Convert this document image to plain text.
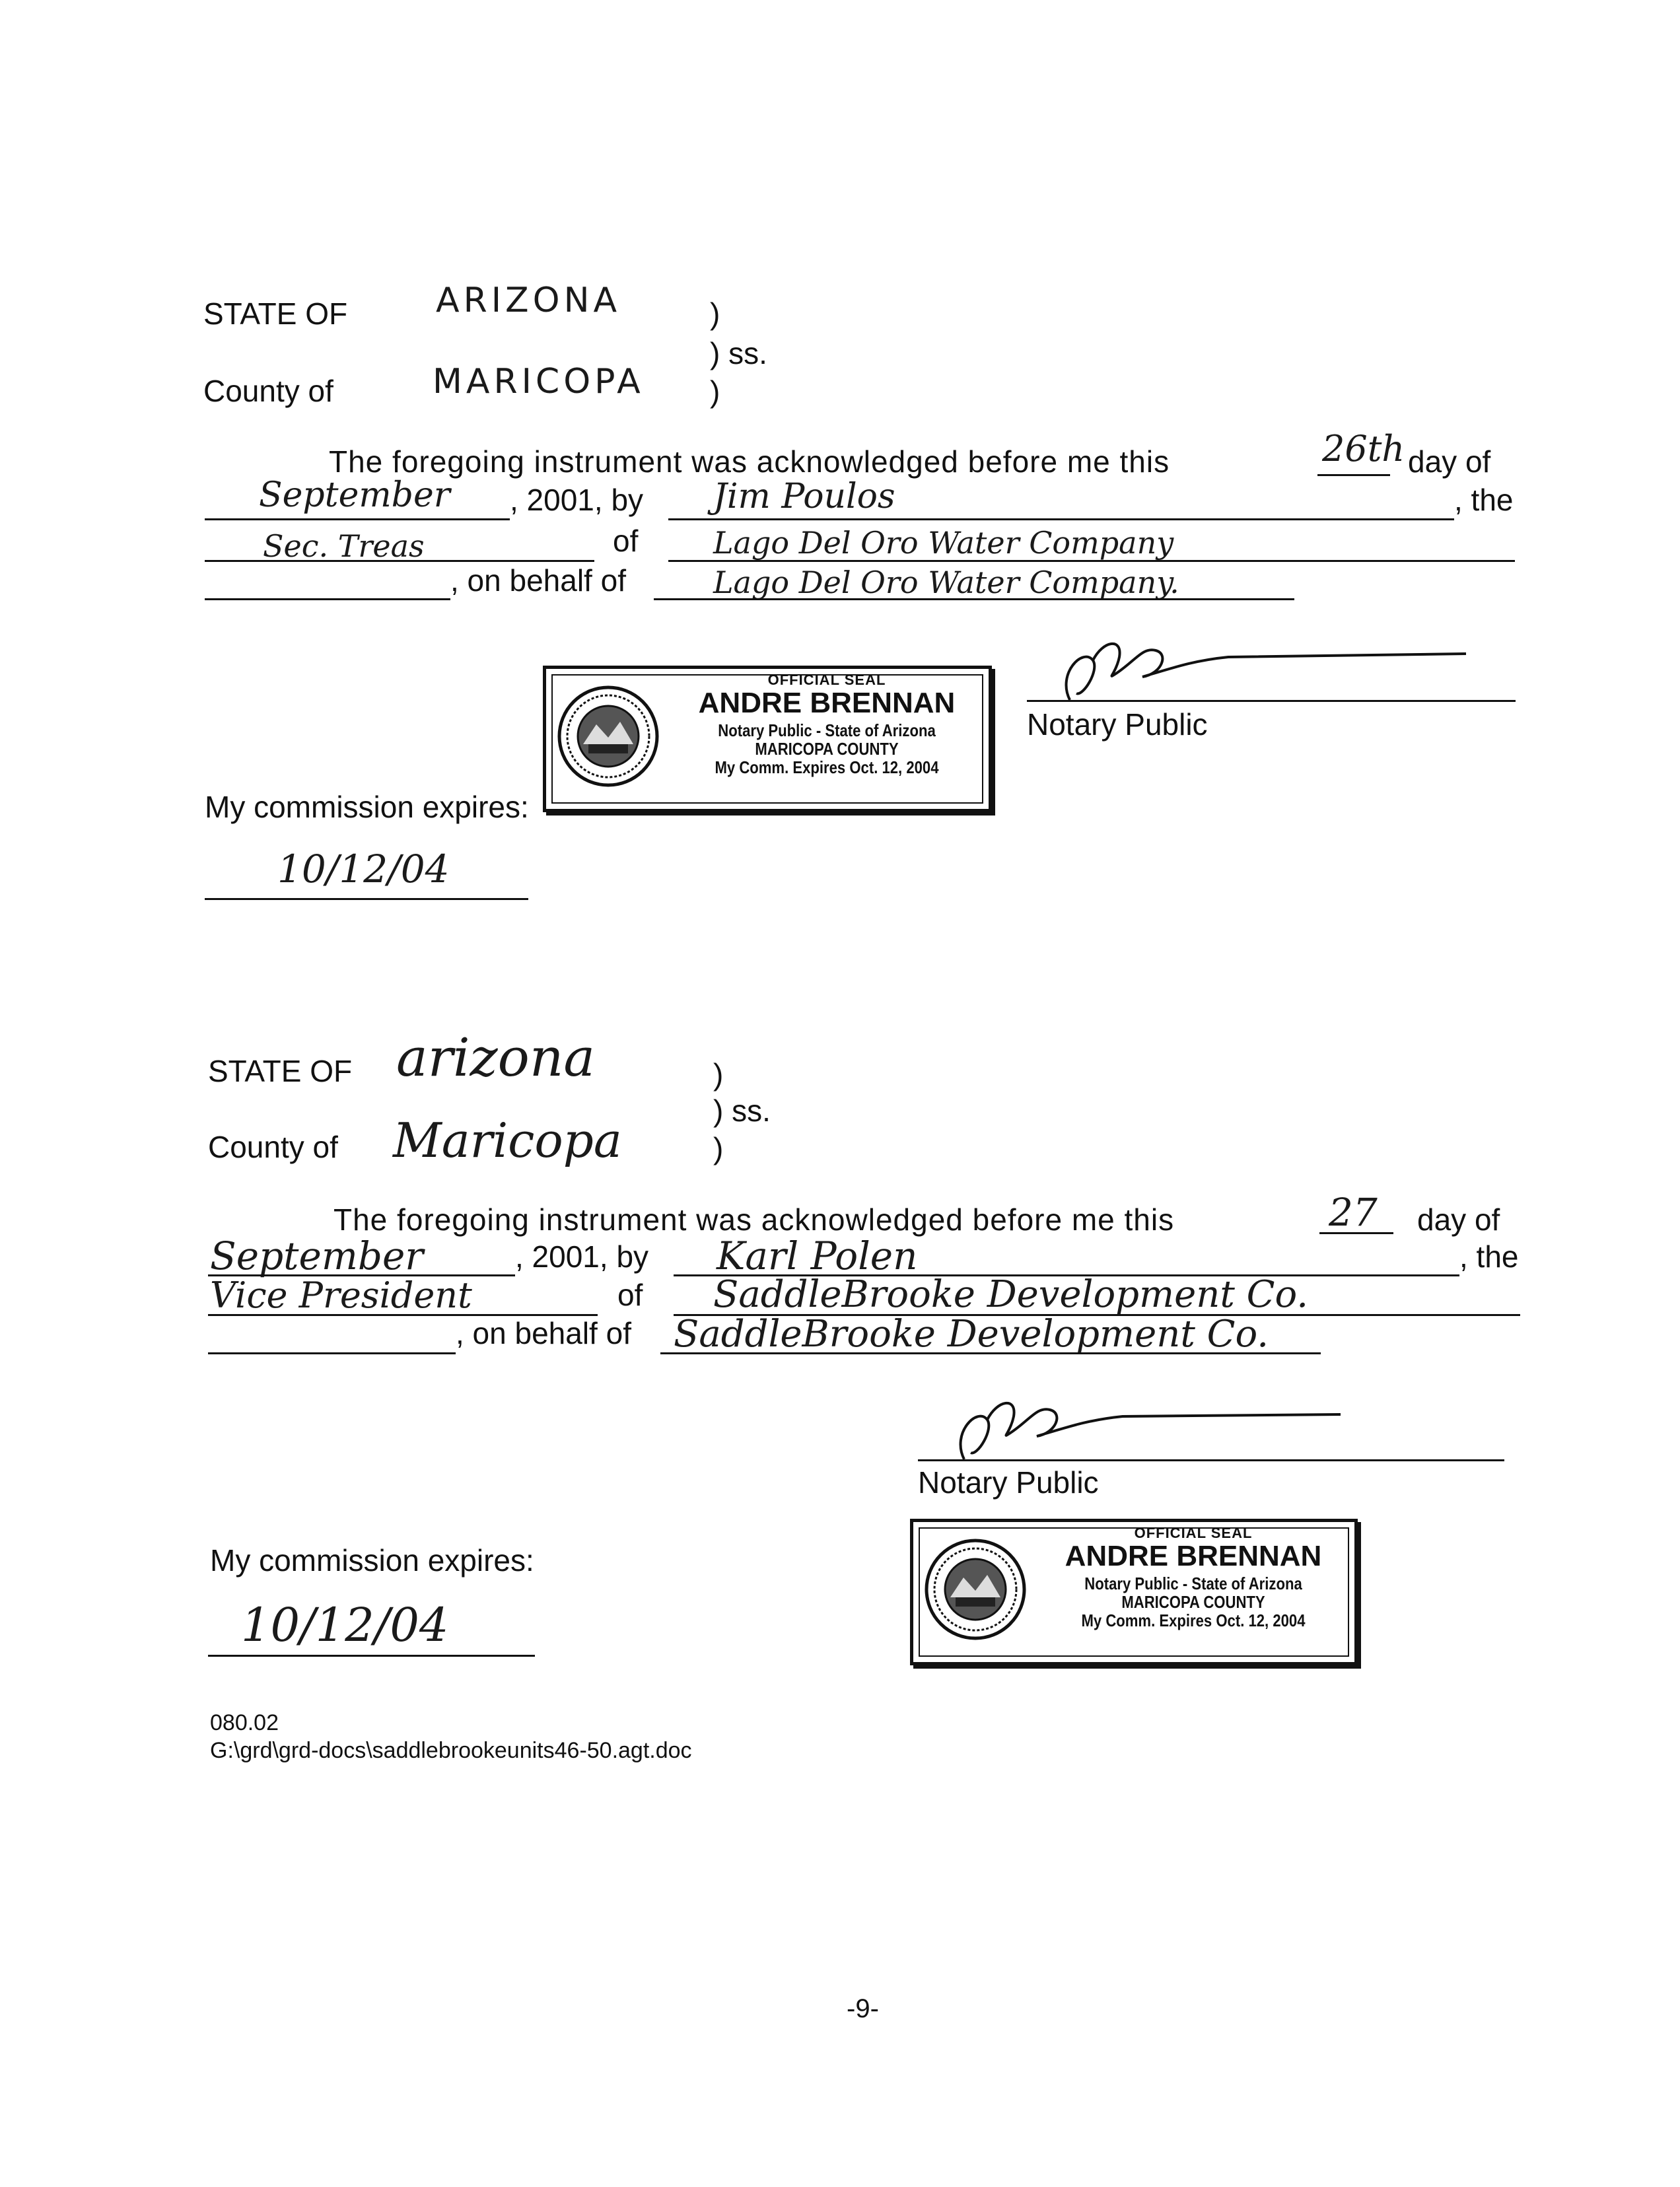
STATE OF	ARIZONA	)
) ss.
)
County of	MARICOPA
The foregoing instrument was acknowledged before me this	26th day of
September , 2001, by Jim Poulos	, the
Sec. Treas	of Lago Del Oro Water Company
, on behalf of	Lago Del Oro Water Company.
OFFICIAL SEAL
ANDRE BRENNAN
Notary Public - State of Arizona
MARICOPA COUNTY
My Comm. Expires Oct. 12, 2004
Notary Public
My commission expires:
10/12/04
STATE OF arizona	)
) ss.
)
County of Maricopa
The foregoing instrument was acknowledged before me this	27 day of
September	, 2001, by Karl Polen	, the
Vice President	of SaddleBrooke Development Co.
, on behalf of SaddleBrooke Development Co.
Notary Public
OFFICIAL SEAL
ANDRE BRENNAN
Notary Public - State of Arizona
MARICOPA COUNTY
My Comm. Expires Oct. 12, 2004
My commission expires:
10/12/04
080.02
G:\grd\grd-docs\saddlebrookeunits46-50.agt.doc
-9-
